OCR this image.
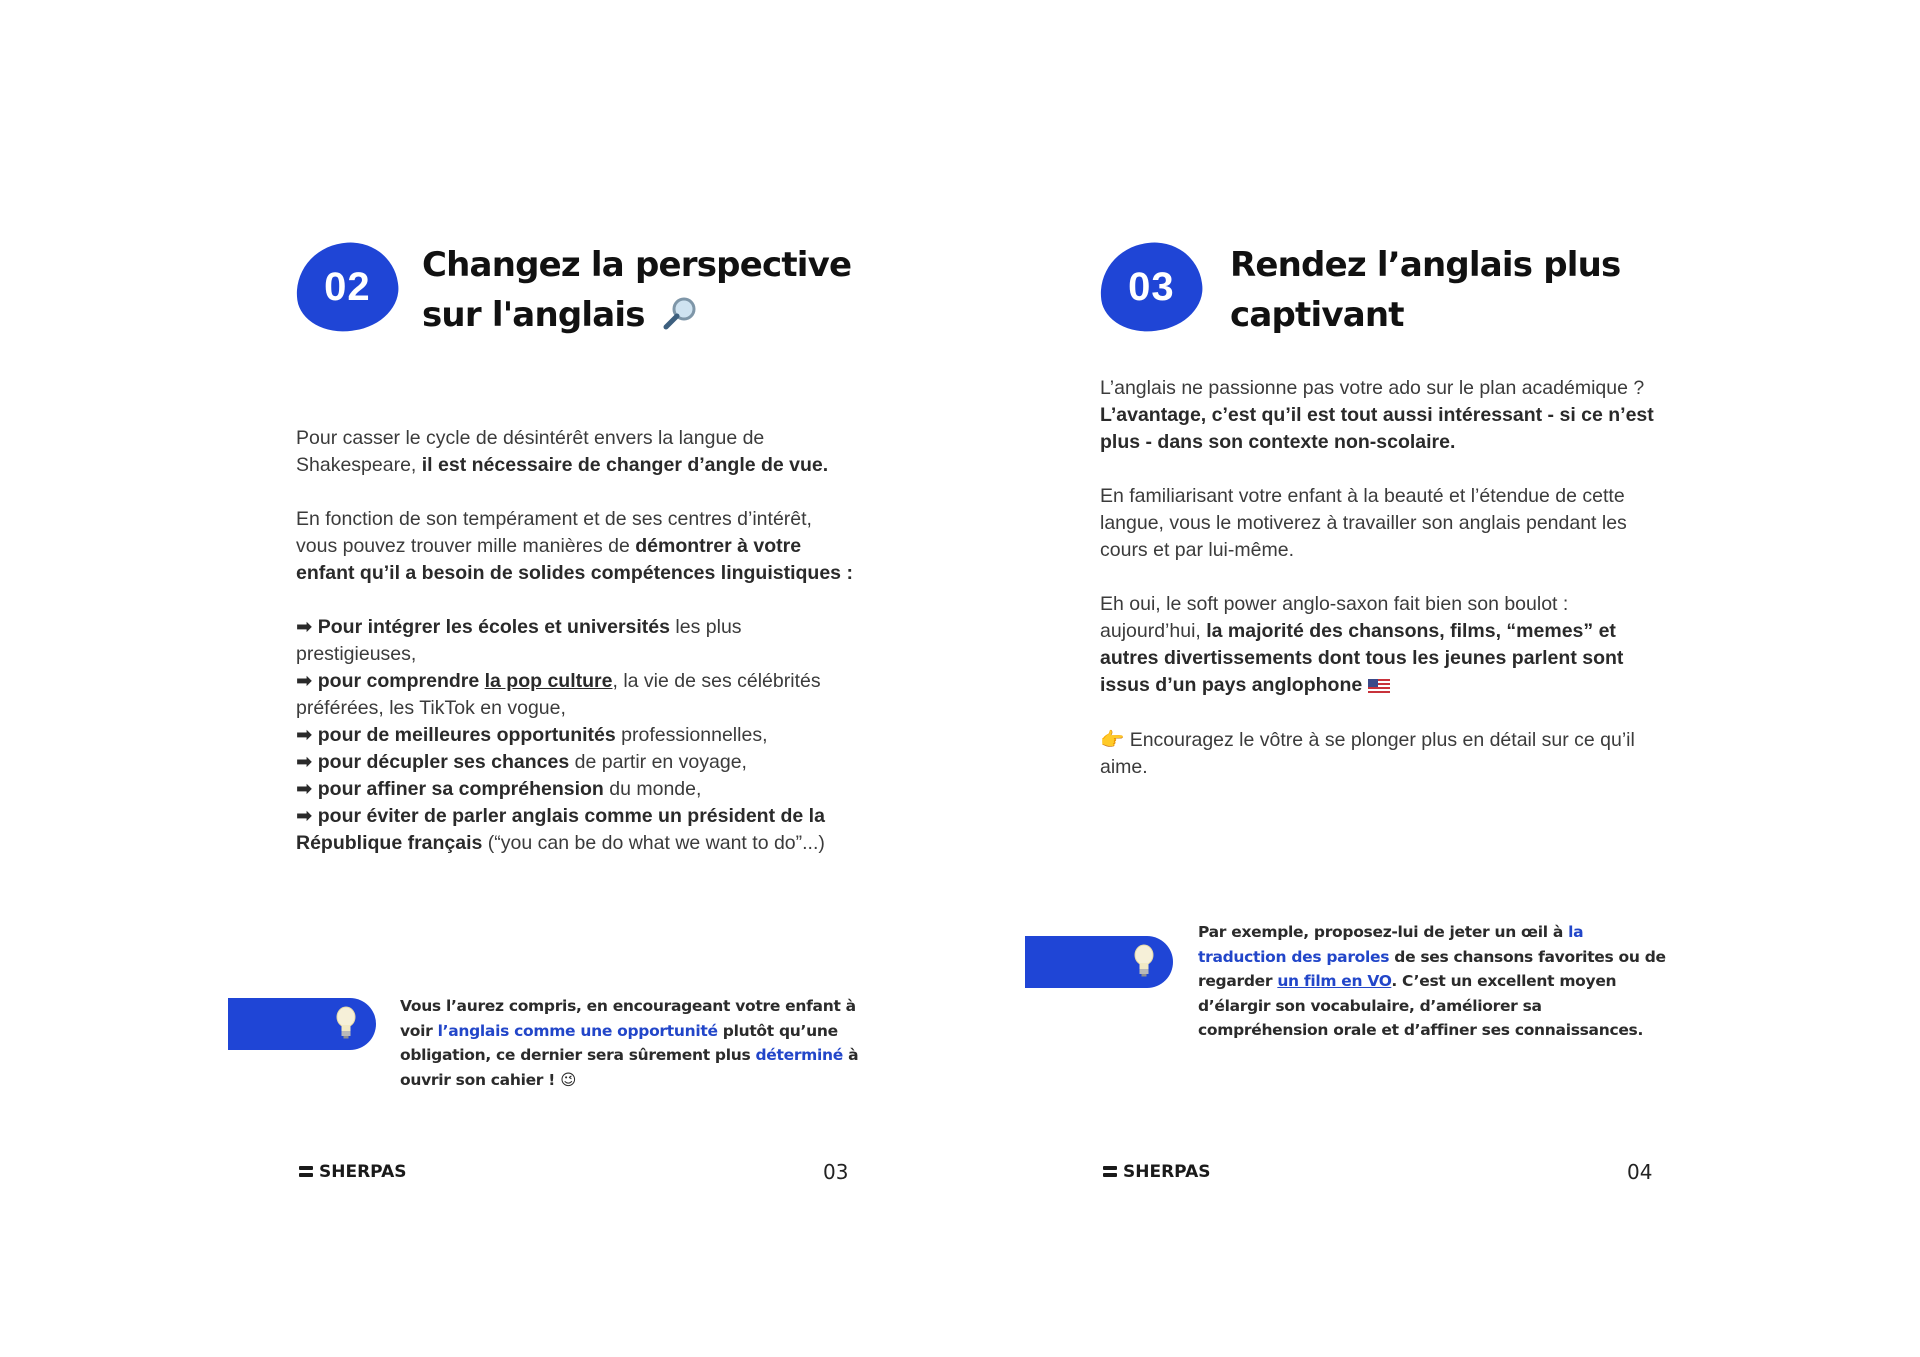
02 Changez la perspective
sur l'anglais

Pour casser le cycle de désintérêt envers la langue de Shakespeare, il est nécessaire de changer d’angle de vue.

En fonction de son tempérament et de ses centres d’intérêt, vous pouvez trouver mille manières de démontrer à votre enfant qu’il a besoin de solides compétences linguistiques :

➡ Pour intégrer les écoles et universités les plus prestigieuses,
➡ pour comprendre la pop culture, la vie de ses célébrités préférées, les TikTok en vogue,
➡ pour de meilleures opportunités professionnelles,
➡ pour décupler ses chances de partir en voyage,
➡ pour affiner sa compréhension du monde,
➡ pour éviter de parler anglais comme un président de la République français (“you can be do what we want to do”...)
Vous l’aurez compris, en encourageant votre enfant à voir l’anglais comme une opportunité plutôt qu’une obligation, ce dernier sera sûrement plus déterminé à ouvrir son cahier ! 😉
SHERPAS	03
03 Rendez l’anglais plus
captivant

L’anglais ne passionne pas votre ado sur le plan académique ? L’avantage, c’est qu’il est tout aussi intéressant - si ce n’est plus - dans son contexte non-scolaire.

En familiarisant votre enfant à la beauté et l’étendue de cette langue, vous le motiverez à travailler son anglais pendant les cours et par lui-même.

Eh oui, le soft power anglo-saxon fait bien son boulot : aujourd’hui, la majorité des chansons, films, “memes” et autres divertissements dont tous les jeunes parlent sont issus d’un pays anglophone

👉 Encouragez le vôtre à se plonger plus en détail sur ce qu’il aime.

Par exemple, proposez-lui de jeter un œil à la traduction des paroles de ses chansons favorites ou de regarder un film en VO. C’est un excellent moyen d’élargir son vocabulaire, d’améliorer sa compréhension orale et d’affiner ses connaissances.
SHERPAS	04
